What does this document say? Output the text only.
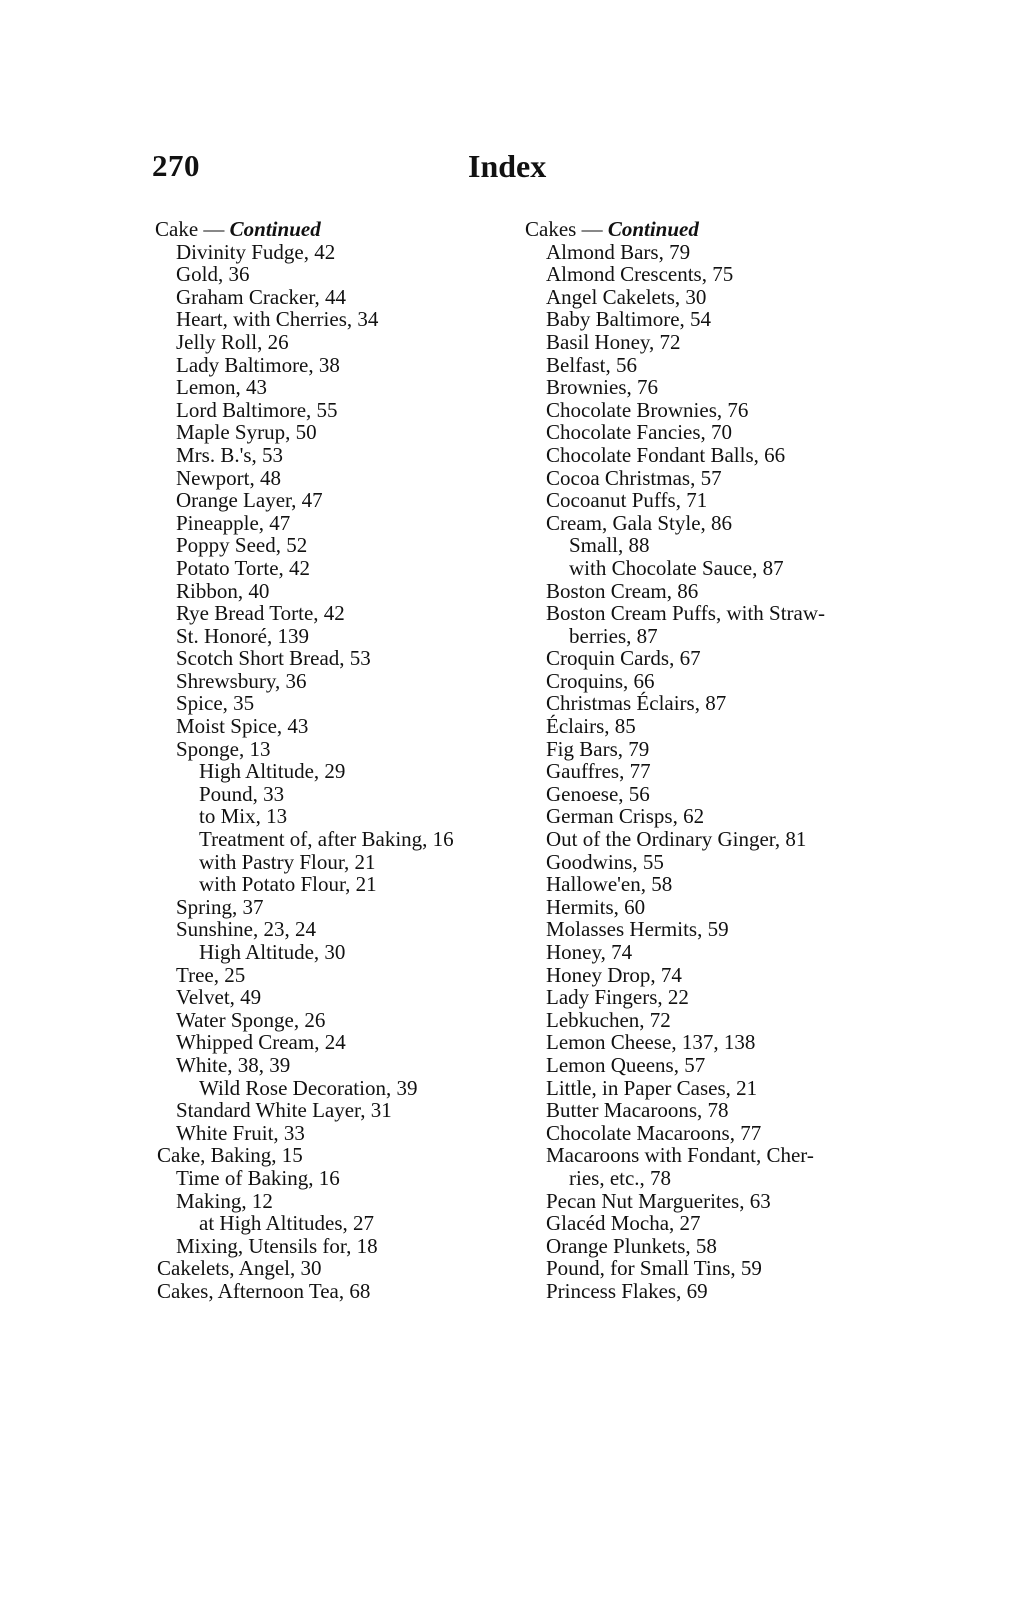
270	Index
Cake — Continued
Divinity Fudge, 42
Gold, 36
Graham Cracker, 44
Heart, with Cherries, 34
Jelly Roll, 26
Lady Baltimore, 38
Lemon, 43
Lord Baltimore, 55
Maple Syrup, 50
Mrs. B.'s, 53
Newport, 48
Orange Layer, 47
Pineapple, 47
Poppy Seed, 52
Potato Torte, 42
Ribbon, 40
Rye Bread Torte, 42
St. Honoré, 139
Scotch Short Bread, 53
Shrewsbury, 36
Spice, 35
Moist Spice, 43
Sponge, 13
High Altitude, 29
Pound, 33
to Mix, 13
Treatment of, after Baking, 16
with Pastry Flour, 21
with Potato Flour, 21
Spring, 37
Sunshine, 23, 24
High Altitude, 30
Tree, 25
Velvet, 49
Water Sponge, 26
Whipped Cream, 24
White, 38, 39
Wild Rose Decoration, 39
Standard White Layer, 31
White Fruit, 33
Cake, Baking, 15
Time of Baking, 16
Making, 12
at High Altitudes, 27
Mixing, Utensils for, 18
Cakelets, Angel, 30
Cakes, Afternoon Tea, 68
Cakes — Continued
Almond Bars, 79
Almond Crescents, 75
Angel Cakelets, 30
Baby Baltimore, 54
Basil Honey, 72
Belfast, 56
Brownies, 76
Chocolate Brownies, 76
Chocolate Fancies, 70
Chocolate Fondant Balls, 66
Cocoa Christmas, 57
Cocoanut Puffs, 71
Cream, Gala Style, 86
Small, 88
with Chocolate Sauce, 87
Boston Cream, 86
Boston Cream Puffs, with Straw-
berries, 87
Croquin Cards, 67
Croquins, 66
Christmas Éclairs, 87
Éclairs, 85
Fig Bars, 79
Gauffres, 77
Genoese, 56
German Crisps, 62
Out of the Ordinary Ginger, 81
Goodwins, 55
Hallowe'en, 58
Hermits, 60
Molasses Hermits, 59
Honey, 74
Honey Drop, 74
Lady Fingers, 22
Lebkuchen, 72
Lemon Cheese, 137, 138
Lemon Queens, 57
Little, in Paper Cases, 21
Butter Macaroons, 78
Chocolate Macaroons, 77
Macaroons with Fondant, Cher-
ries, etc., 78
Pecan Nut Marguerites, 63
Glacéd Mocha, 27
Orange Plunkets, 58
Pound, for Small Tins, 59
Princess Flakes, 69
